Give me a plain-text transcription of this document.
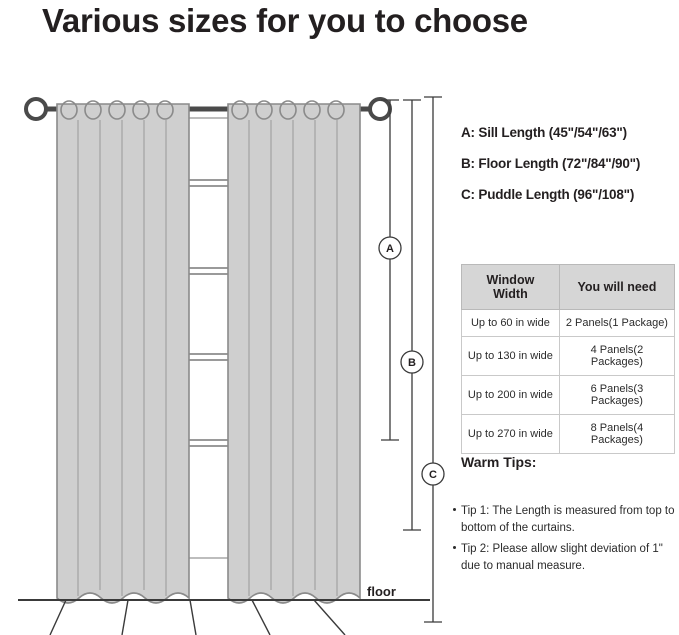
Various sizes for you to choose
A
B
C
floor
A: Sill Length (45"/54"/63")
B: Floor Length (72"/84"/90")
C: Puddle Length (96"/108")
Window Width	You will need
Up to 60 in wide	2 Panels(1 Package)
Up to 130 in wide	4 Panels(2 Packages)
Up to 200 in wide	6 Panels(3 Packages)
Up to 270 in wide	8 Panels(4 Packages)
Warm Tips:
Tip 1: The Length is measured from top to bottom of the curtains.
Tip 2: Please allow slight deviation of 1" due to manual measure.
